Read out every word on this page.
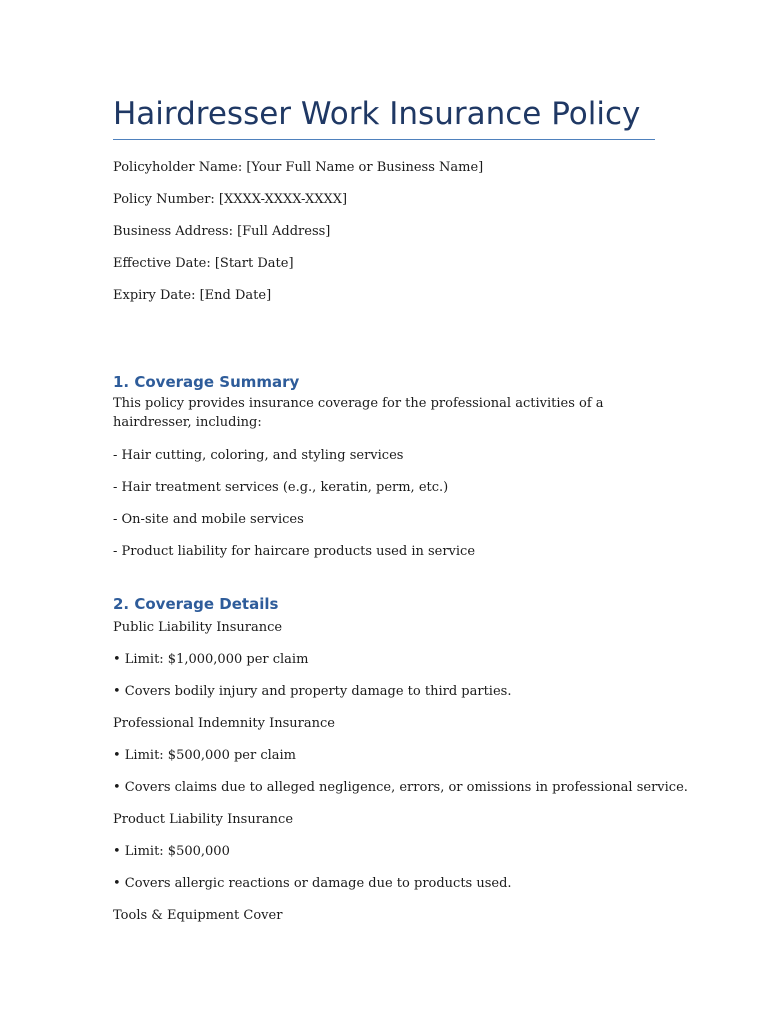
Hairdresser Work Insurance Policy

Policyholder Name: [Your Full Name or Business Name]

Policy Number: [XXXX-XXXX-XXXX]

Business Address: [Full Address]

Effective Date: [Start Date]

Expiry Date: [End Date]

1. Coverage Summary

This policy provides insurance coverage for the professional activities of a hairdresser, including:

- Hair cutting, coloring, and styling services

- Hair treatment services (e.g., keratin, perm, etc.)

- On-site and mobile services

- Product liability for haircare products used in service

2. Coverage Details

Public Liability Insurance

• Limit: $1,000,000 per claim

• Covers bodily injury and property damage to third parties.

Professional Indemnity Insurance

• Limit: $500,000 per claim

• Covers claims due to alleged negligence, errors, or omissions in professional service.

Product Liability Insurance

• Limit: $500,000

• Covers allergic reactions or damage due to products used.

Tools & Equipment Cover
